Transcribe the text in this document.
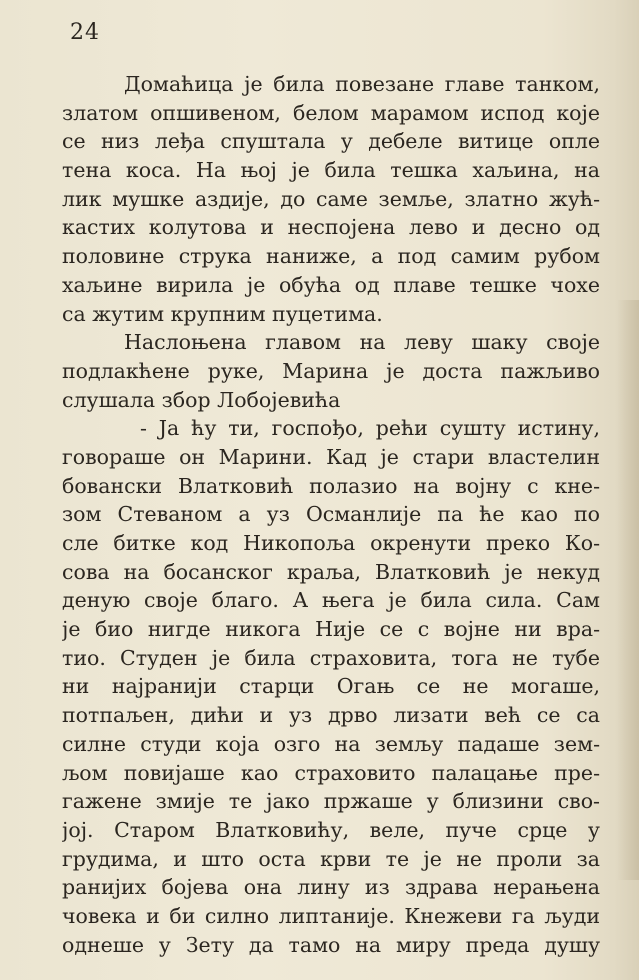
24
Домаћица је била повезане главе танком,
златом опшивеном, белом марамом испод које
се низ леђа спуштала у дебеле витице опле
тена коса. На њој је била тешка хаљина, на
лик мушке аздије, до саме земље, златно жућ-
кастих колутова и неспојена лево и десно од
половине струка наниже, а под самим рубом
хаљине вирила је обућа од плаве тешке чохе
са жутим крупним пуцетима.
Наслоњена главом на леву шаку своје
подлакћене руке, Марина је доста пажљиво
слушала збор Лобојевића
- Ја ћу ти, госпођо, рећи сушту истину,
говораше он Марини. Кад је стари властелин
бовански Влатковић полазио на војну с кне-
зом Стеваном а уз Османлије па ће као по
сле битке код Никопоља окренути преко Ко-
сова на босанског краља, Влатковић је некуд
деную своје благо. А њега је била сила. Сам
је био нигде никога Није се с војне ни вра-
тио. Студен је била страховита, тога не тубе
ни најранији старци Огањ се не могаше,
потпаљен, дићи и уз дрво лизати већ се са
силне студи која озго на земљу падаше зем-
љом повијаше као страховито палацање пре-
гажене змије те јако пржаше у близини сво-
јој. Старом Влатковићу, веле, пуче срце у
грудима, и што оста крви те је не проли за
ранијих бојева она лину из здрава нерањена
човека и би силно липтаније. Кнежеви га људи
однеше у Зету да тамо на миру преда душу
